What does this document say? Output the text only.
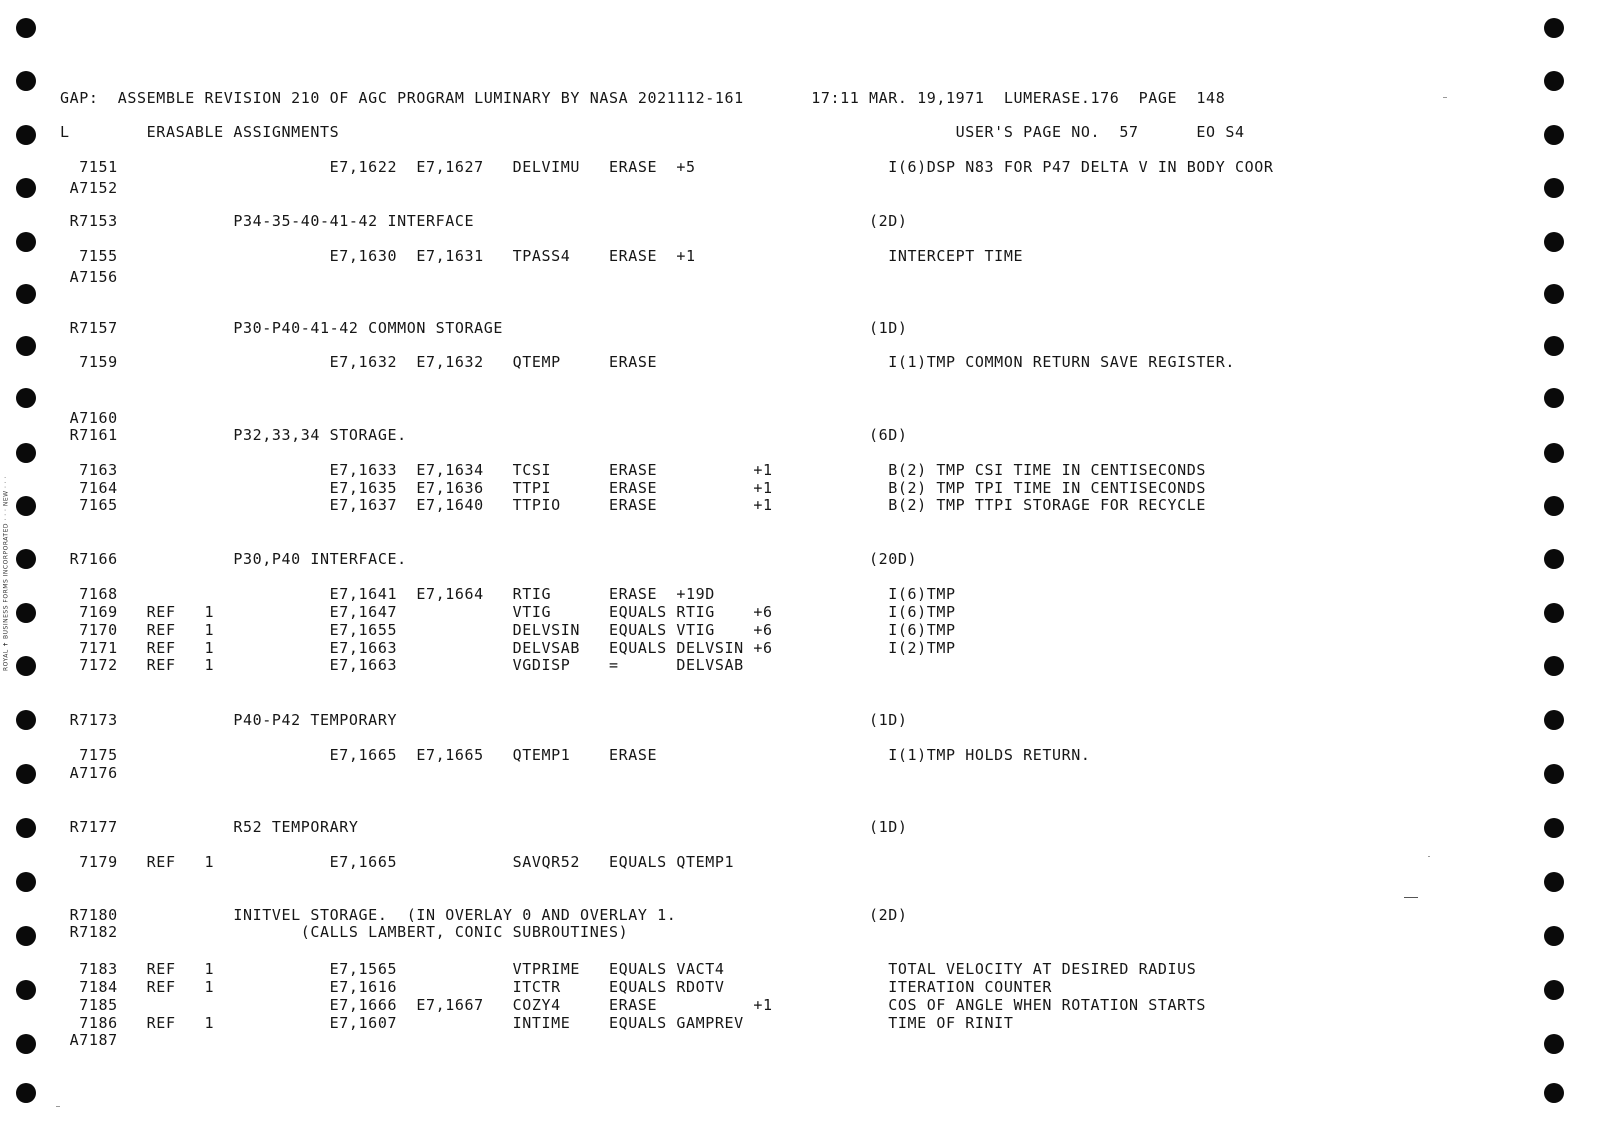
ROYAL ✝ BUSINESS FORMS INCORPORATED · · · NEW · · ·
GAP:  ASSEMBLE REVISION 210 OF AGC PROGRAM LUMINARY BY NASA 2021112-161       17:11 MAR. 19,1971  LUMERASE.176  PAGE  148
L        ERASABLE ASSIGNMENTS                                                                USER'S PAGE NO.  57      EO S4
7151                      E7,1622  E7,1627   DELVIMU   ERASE  +5                    I(6)DSP N83 FOR P47 DELTA V IN BODY COOR
A7152
R7153            P34-35-40-41-42 INTERFACE                                         (2D)
7155                      E7,1630  E7,1631   TPASS4    ERASE  +1                    INTERCEPT TIME
A7156
R7157            P30-P40-41-42 COMMON STORAGE                                      (1D)
7159                      E7,1632  E7,1632   QTEMP     ERASE                        I(1)TMP COMMON RETURN SAVE REGISTER.
A7160
R7161            P32,33,34 STORAGE.                                                (6D)
7163                      E7,1633  E7,1634   TCSI      ERASE          +1            B(2) TMP CSI TIME IN CENTISECONDS
7164                      E7,1635  E7,1636   TTPI      ERASE          +1            B(2) TMP TPI TIME IN CENTISECONDS
7165                      E7,1637  E7,1640   TTPIO     ERASE          +1            B(2) TMP TTPI STORAGE FOR RECYCLE
R7166            P30,P40 INTERFACE.                                                (20D)
7168                      E7,1641  E7,1664   RTIG      ERASE  +19D                  I(6)TMP
7169   REF   1            E7,1647            VTIG      EQUALS RTIG    +6            I(6)TMP
7170   REF   1            E7,1655            DELVSIN   EQUALS VTIG    +6            I(6)TMP
7171   REF   1            E7,1663            DELVSAB   EQUALS DELVSIN +6            I(2)TMP
7172   REF   1            E7,1663            VGDISP    =      DELVSAB
R7173            P40-P42 TEMPORARY                                                 (1D)
7175                      E7,1665  E7,1665   QTEMP1    ERASE                        I(1)TMP HOLDS RETURN.
A7176
R7177            R52 TEMPORARY                                                     (1D)
7179   REF   1            E7,1665            SAVQR52   EQUALS QTEMP1
R7180            INITVEL STORAGE.  (IN OVERLAY 0 AND OVERLAY 1.                    (2D)
R7182                   (CALLS LAMBERT, CONIC SUBROUTINES)
7183   REF   1            E7,1565            VTPRIME   EQUALS VACT4                 TOTAL VELOCITY AT DESIRED RADIUS
7184   REF   1            E7,1616            ITCTR     EQUALS RDOTV                 ITERATION COUNTER
7185                      E7,1666  E7,1667   COZY4     ERASE          +1            COS OF ANGLE WHEN ROTATION STARTS
7186   REF   1            E7,1607            INTIME    EQUALS GAMPREV               TIME OF RINIT
A7187
